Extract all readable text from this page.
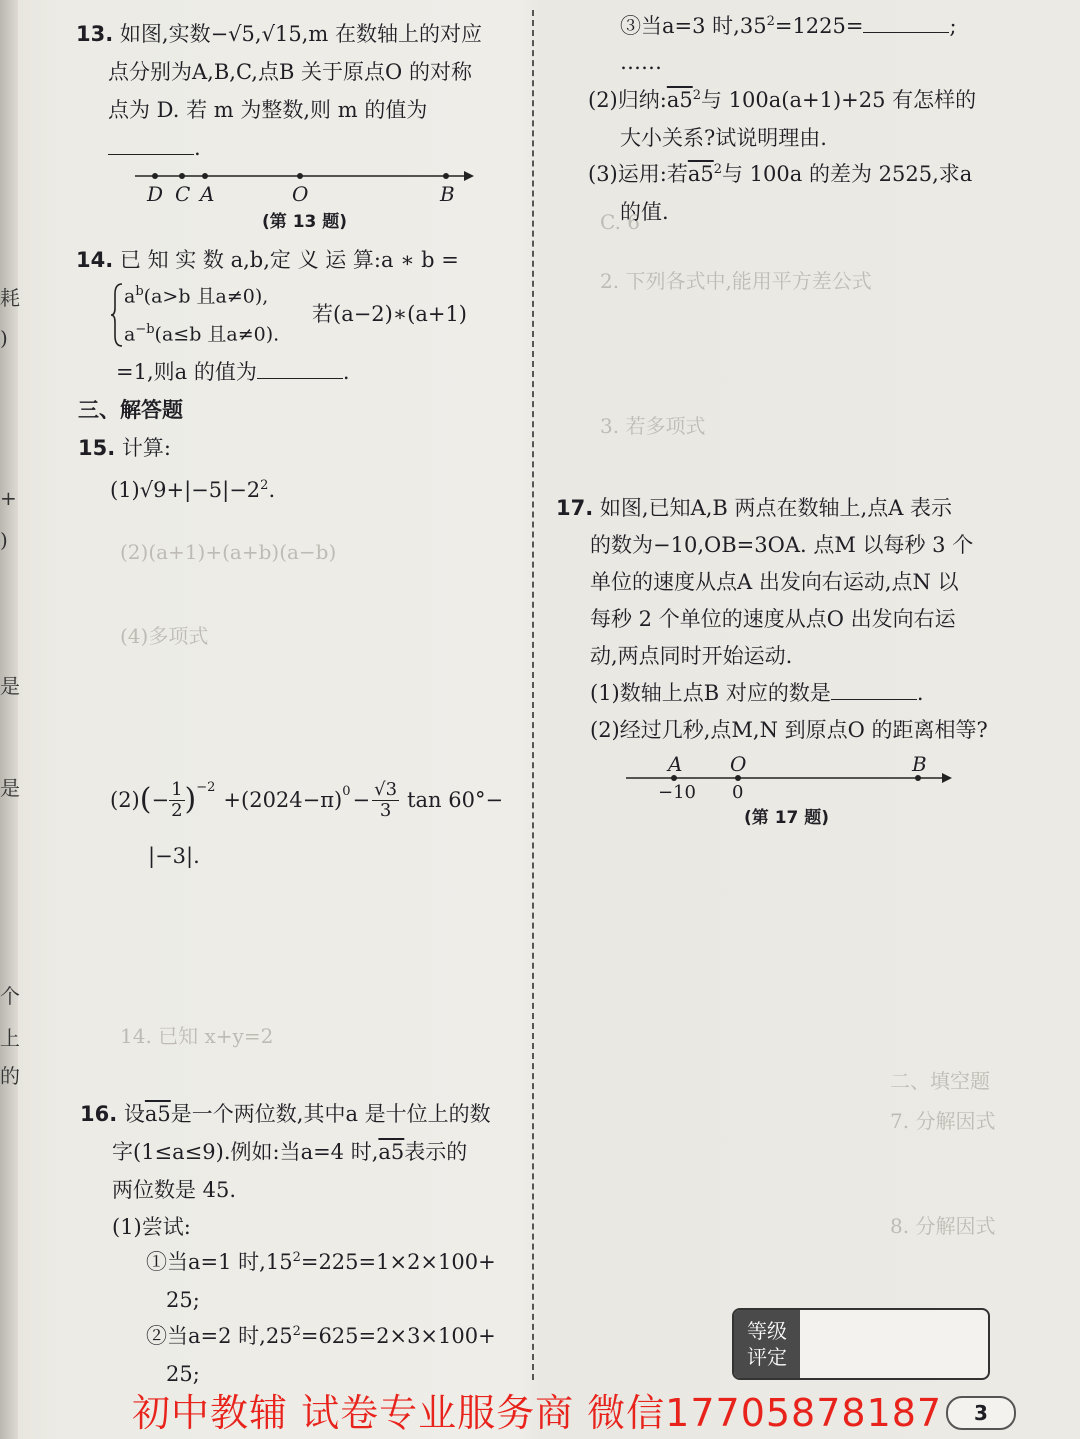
耗
)
+
)
是
是
个
上
的
13. 如图,实数−√5,√15,m 在数轴上的对应
点分别为A,B,C,点B 关于原点O 的对称
点为 D. 若 m 为整数,则 m 的值为
.
D C A	O	B
(第 13 题)
14. 已 知 实 数 a,b,定 义 运 算:a ∗ b =
$a^b(a>b$ 且a≠0),
$a^{-b}(a\le b$ 且a≠0).
若(a−2)∗(a+1)
=1,则a 的值为	.
三、解答题
15. 计算:
$(1)√9+|-5|-2^2$.
(2) ( − $\frac{1}{2}$ ) −2
+(2024−π) $0 - \frac{√3}{3}$ tan 60°−
|−3|.
(2)(a+1)+(a+b)(a−b)
(4)多项式
14. 已知 x+y=2
C. 6
2. 下列各式中,能用平方差公式
3. 若多项式
二、填空题
7. 分解因式
8. 分解因式
16. 设a5是一个两位数,其中a 是十位上的数
字(1≤a≤9).例如:当a=4 时,a5表示的
两位数是 45.
(1)尝试:
①当a=1 时$,15^2=225=1\times 2\times 100+$
25;
②当a=2 时$,25^2=625=2\times 3\times 100+$
25;
③当a=3 时$,35^2=1225=$	;
……
(2)归纳$:a5^2$与 100a(a+1)+25 有怎样的
大小关系?试说明理由.
(3)运用:若$a5^2$与 100a 的差为 2525,求a
的值.
17. 如图,已知A,B 两点在数轴上,点A 表示
的数为−10,OB=3OA. 点M 以每秒 3 个
单位的速度从点A 出发向右运动,点N 以
每秒 2 个单位的速度从点O 出发向右运
动,两点同时开始运动.
(1)数轴上点B 对应的数是	.
(2)经过几秒,点M,N 到原点O 的距离相等?
A O	B
−10 0
(第 17 题)
等级
评定
初中教辅 试卷专业服务商 微信17705878187	3
